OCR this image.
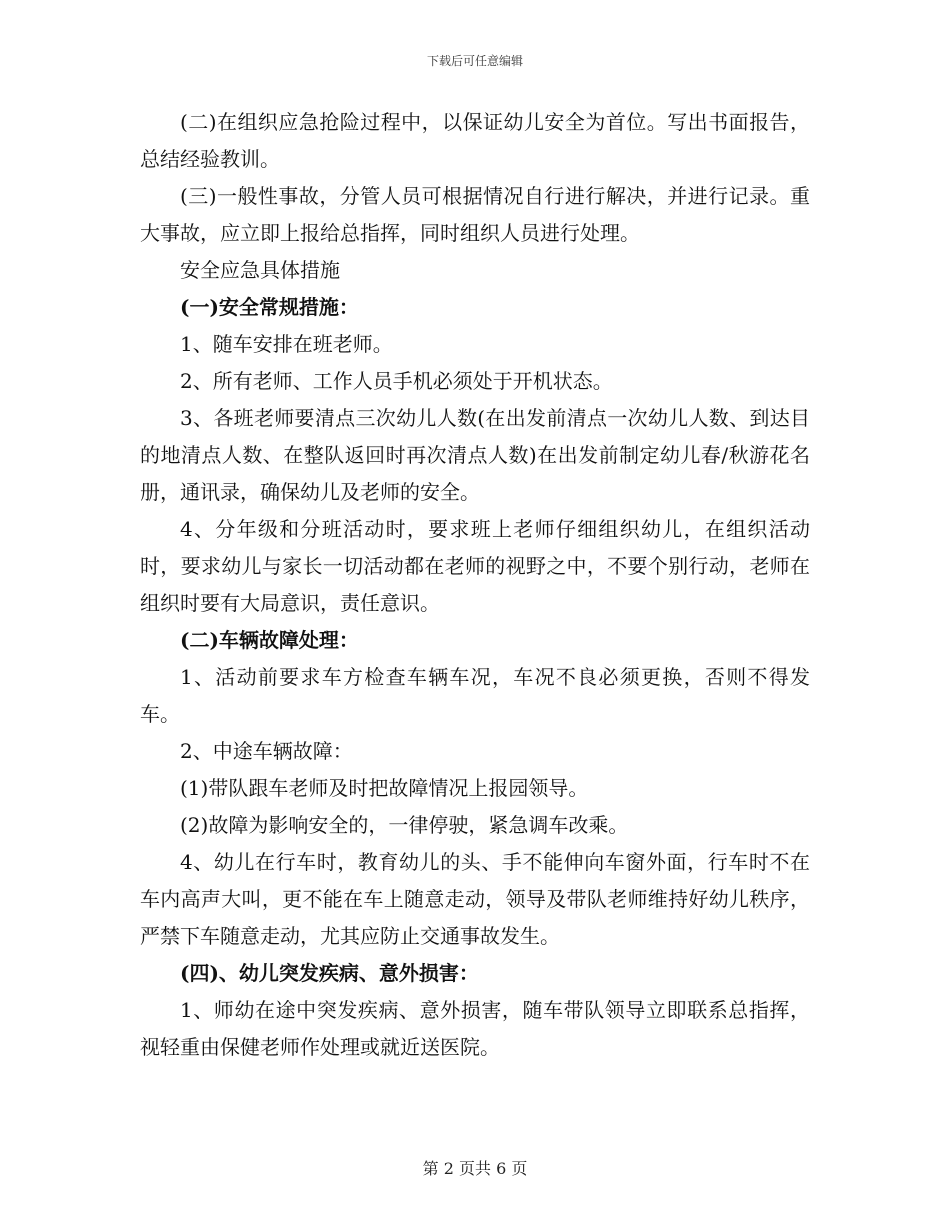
下载后可任意编辑

(二)在组织应急抢险过程中，以保证幼儿安全为首位。写出书面报告，总结经验教训。

(三)一般性事故，分管人员可根据情况自行进行解决，并进行记录。重大事故，应立即上报给总指挥，同时组织人员进行处理。

安全应急具体措施

(一)安全常规措施：

1、随车安排在班老师。

2、所有老师、工作人员手机必须处于开机状态。

3、各班老师要清点三次幼儿人数(在出发前清点一次幼儿人数、到达目的地清点人数、在整队返回时再次清点人数)在出发前制定幼儿春/秋游花名册，通讯录，确保幼儿及老师的安全。

4、分年级和分班活动时，要求班上老师仔细组织幼儿，在组织活动时，要求幼儿与家长一切活动都在老师的视野之中，不要个别行动，老师在组织时要有大局意识，责任意识。

(二)车辆故障处理：

1、活动前要求车方检查车辆车况，车况不良必须更换，否则不得发车。

2、中途车辆故障：

(1)带队跟车老师及时把故障情况上报园领导。

(2)故障为影响安全的，一律停驶，紧急调车改乘。

4、幼儿在行车时，教育幼儿的头、手不能伸向车窗外面，行车时不在车内高声大叫，更不能在车上随意走动，领导及带队老师维持好幼儿秩序，严禁下车随意走动，尤其应防止交通事故发生。

(四)、幼儿突发疾病、意外损害：

1、师幼在途中突发疾病、意外损害，随车带队领导立即联系总指挥，视轻重由保健老师作处理或就近送医院。

第 2 页共 6 页
